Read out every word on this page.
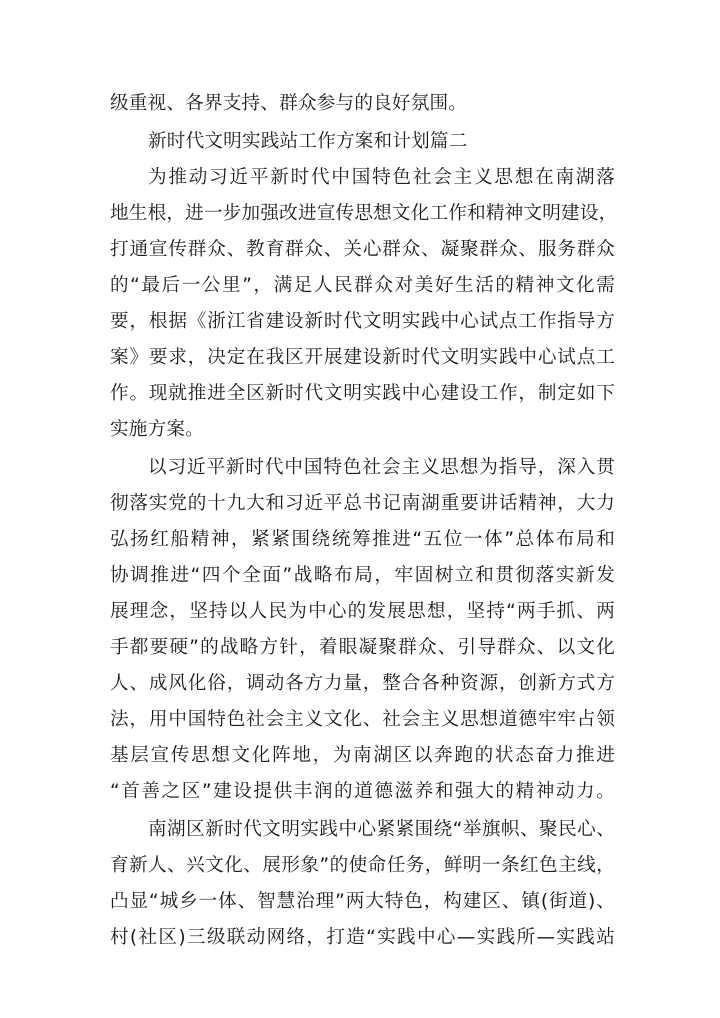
级重视、各界支持、群众参与的良好氛围。
新时代文明实践站工作方案和计划篇二
为推动习近平新时代中国特色社会主义思想在南湖落
地生根，进一步加强改进宣传思想文化工作和精神文明建设，
打通宣传群众、教育群众、关心群众、凝聚群众、服务群众
的“最后一公里”，满足人民群众对美好生活的精神文化需
要，根据《浙江省建设新时代文明实践中心试点工作指导方
案》要求，决定在我区开展建设新时代文明实践中心试点工
作。现就推进全区新时代文明实践中心建设工作，制定如下
实施方案。
以习近平新时代中国特色社会主义思想为指导，深入贯
彻落实党的十九大和习近平总书记南湖重要讲话精神，大力
弘扬红船精神，紧紧围绕统筹推进“五位一体”总体布局和
协调推进“四个全面”战略布局，牢固树立和贯彻落实新发
展理念，坚持以人民为中心的发展思想，坚持“两手抓、两
手都要硬”的战略方针，着眼凝聚群众、引导群众、以文化
人、成风化俗，调动各方力量，整合各种资源，创新方式方
法，用中国特色社会主义文化、社会主义思想道德牢牢占领
基层宣传思想文化阵地，为南湖区以奔跑的状态奋力推进
“首善之区”建设提供丰润的道德滋养和强大的精神动力。
南湖区新时代文明实践中心紧紧围绕“举旗帜、聚民心、
育新人、兴文化、展形象”的使命任务，鲜明一条红色主线，
凸显“城乡一体、智慧治理”两大特色，构建区、镇(街道)、
村(社区)三级联动网络，打造“实践中心—实践所—实践站
